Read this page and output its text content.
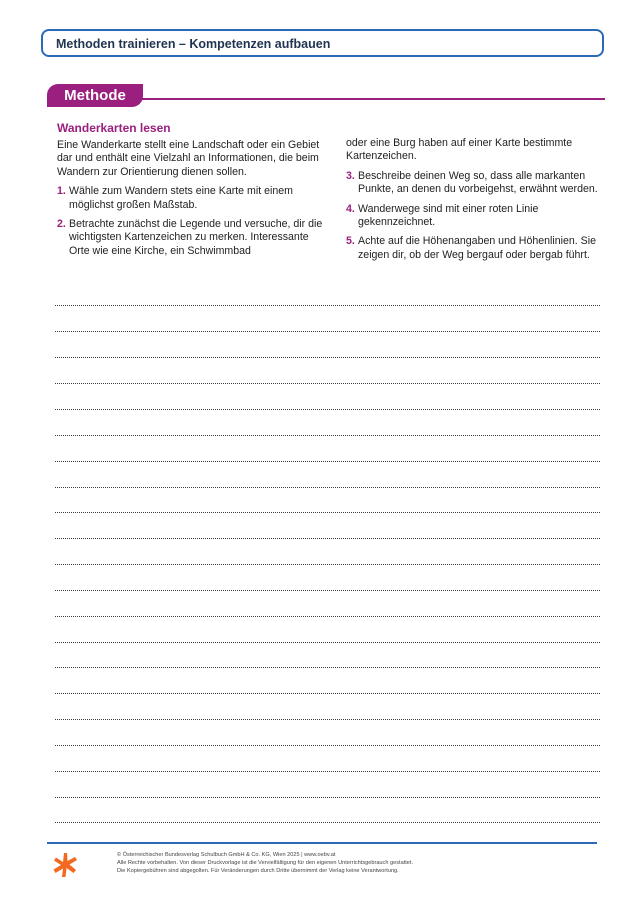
Methoden trainieren – Kompetenzen aufbauen
Methode
Wanderkarten lesen

Eine Wanderkarte stellt eine Landschaft oder ein Gebiet dar und enthält eine Vielzahl an Informationen, die beim Wandern zur Orientierung dienen sollen.

1. Wähle zum Wandern stets eine Karte mit einem möglichst großen Maßstab.
2. Betrachte zunächst die Legende und versuche, dir die wichtigsten Kartenzeichen zu merken. Interessante Orte wie eine Kirche, ein Schwimmbad

oder eine Burg haben auf einer Karte bestimmte Kartenzeichen.

3. Beschreibe deinen Weg so, dass alle markanten Punkte, an denen du vorbeigehst, erwähnt werden.
4. Wanderwege sind mit einer roten Linie gekennzeichnet.
5. Achte auf die Höhenangaben und Höhenlinien. Sie zeigen dir, ob der Weg bergauf oder bergab führt.
© Österreichischer Bundesverlag Schulbuch GmbH & Co. KG, Wien 2025 | www.oebv.at
Alle Rechte vorbehalten. Von dieser Druckvorlage ist die Vervielfältigung für den eigenen Unterrichtsgebrauch gestattet.
Die Kopiergebühren sind abgegolten. Für Veränderungen durch Dritte übernimmt der Verlag keine Verantwortung.
